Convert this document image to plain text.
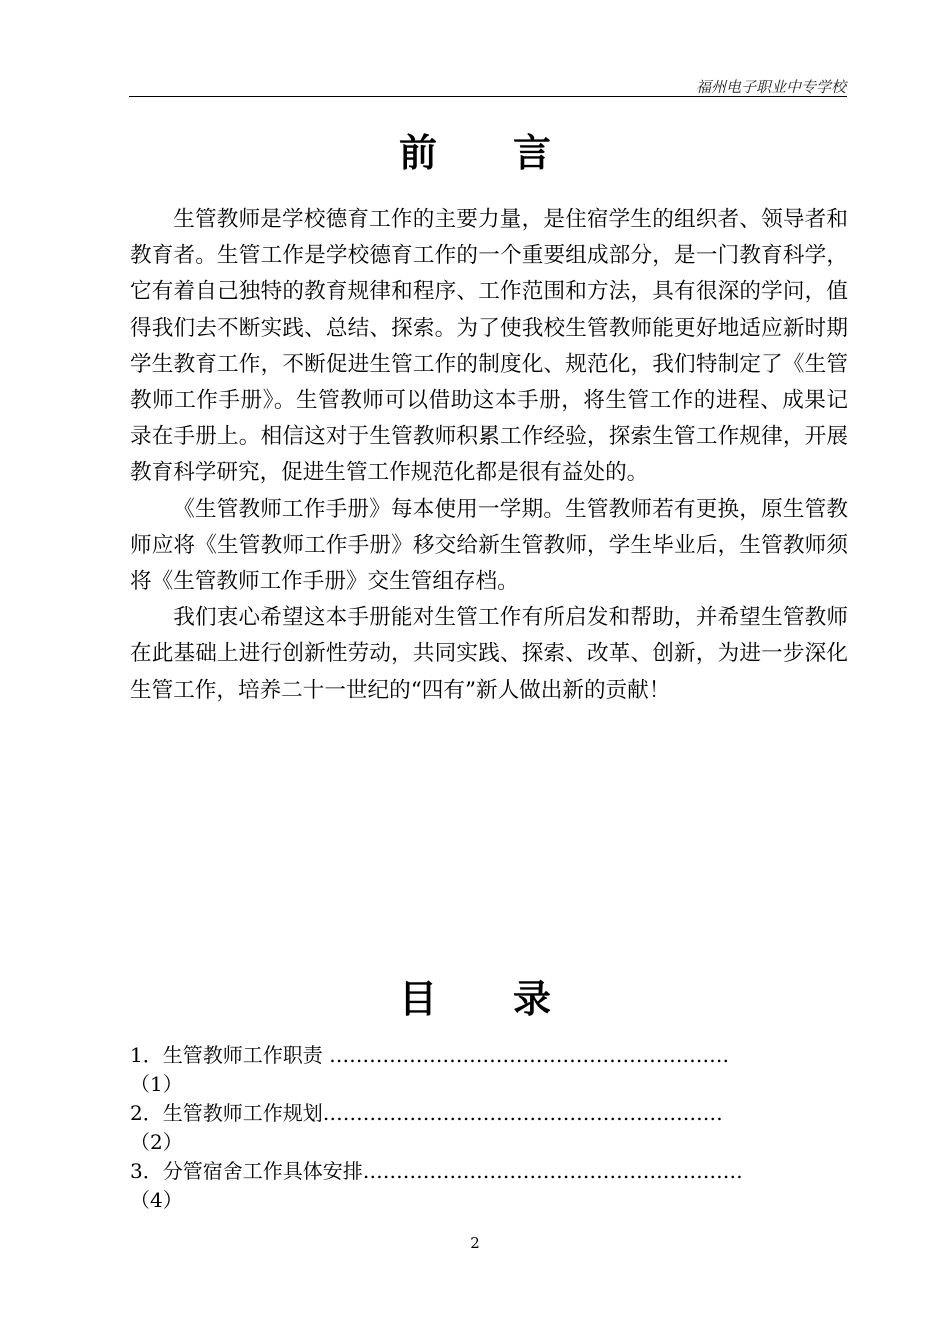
福州电子职业中专学校
前言

生管教师是学校德育工作的主要力量，是住宿学生的组织者、领导者和教育者。生管工作是学校德育工作的一个重要组成部分，是一门教育科学，它有着自己独特的教育规律和程序、工作范围和方法，具有很深的学问，值得我们去不断实践、总结、探索。为了使我校生管教师能更好地适应新时期学生教育工作，不断促进生管工作的制度化、规范化，我们特制定了《生管教师工作手册》。生管教师可以借助这本手册，将生管工作的进程、成果记录在手册上。相信这对于生管教师积累工作经验，探索生管工作规律，开展教育科学研究，促进生管工作规范化都是很有益处的。

《生管教师工作手册》每本使用一学期。生管教师若有更换，原生管教师应将《生管教师工作手册》移交给新生管教师，学生毕业后，生管教师须将《生管教师工作手册》交生管组存档。

我们衷心希望这本手册能对生管工作有所启发和帮助，并希望生管教师在此基础上进行创新性劳动，共同实践、探索、改革、创新，为进一步深化生管工作，培养二十一世纪的“四有”新人做出新的贡献！

目录
1．生管教师工作职责 ……………………………………………………
（1）
2．生管教师工作规划……………………………………………………
（2）
3．分管宿舍工作具体安排…………………………………………………
（4）
2
